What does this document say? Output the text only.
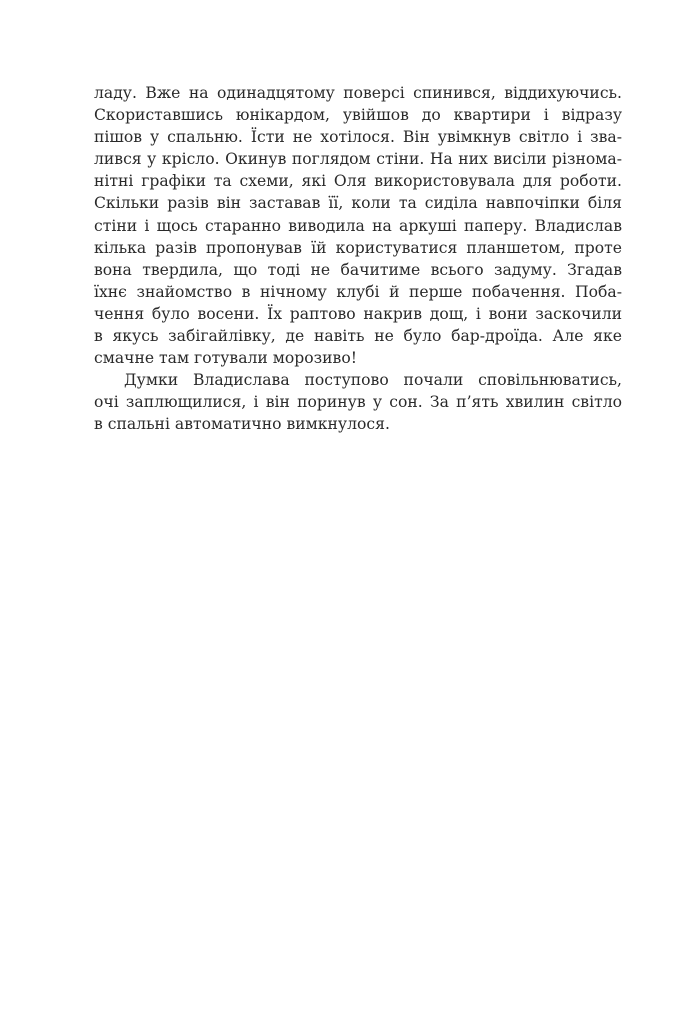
ладу. Вже на одинадцятому поверсі спинився, віддихуючись.
Скориставшись юнікардом, увійшов до квартири і відразу
пішов у спальню. Їсти не хотілося. Він увімкнув світло і зва-
лився у крісло. Окинув поглядом стіни. На них висіли різнома-
нітні графіки та схеми, які Оля використовувала для роботи.
Скільки разів він заставав її, коли та сиділа навпочіпки біля
стіни і щось старанно виводила на аркуші паперу. Владислав
кілька разів пропонував їй користуватися планшетом, проте
вона твердила, що тоді не бачитиме всього задуму. Згадав
їхнє знайомство в нічному клубі й перше побачення. Поба-
чення було восени. Їх раптово накрив дощ, і вони заскочили
в якусь забігайлівку, де навіть не було бар-дроїда. Але яке
смачне там готували морозиво!
Думки Владислава поступово почали сповільнюватись,
очі заплющилися, і він поринув у сон. За п’ять хвилин світло
в спальні автоматично вимкнулося.
